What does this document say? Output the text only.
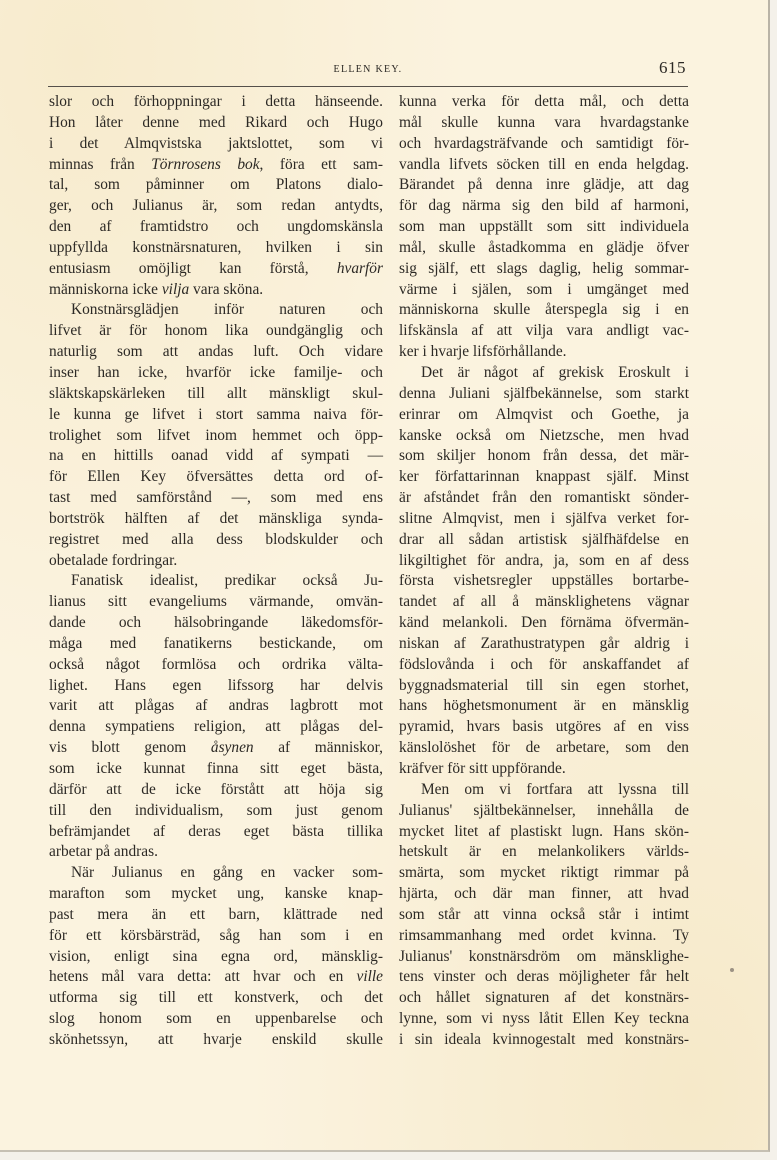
ELLEN KEY.	615
slor och förhoppningar i detta hänseende.
Hon låter denne med Rikard och Hugo
i det Almqvistska jaktslottet, som vi
minnas från Törnrosens bok, föra ett sam-
tal, som påminner om Platons dialo-
ger, och Julianus är, som redan antydts,
den af framtidstro och ungdomskänsla
uppfyllda konstnärsnaturen, hvilken i sin
entusiasm omöjligt kan förstå, hvarför
människorna icke vilja vara sköna.
Konstnärsglädjen inför naturen och
lifvet är för honom lika oundgänglig och
naturlig som att andas luft. Och vidare
inser han icke, hvarför icke familje- och
släktskapskärleken till allt mänskligt skul-
le kunna ge lifvet i stort samma naiva för-
trolighet som lifvet inom hemmet och öpp-
na en hittills oanad vidd af sympati —
för Ellen Key öfversättes detta ord of-
tast med samförstånd —, som med ens
bortströk hälften af det mänskliga synda-
registret med alla dess blodskulder och
obetalade fordringar.
Fanatisk idealist, predikar också Ju-
lianus sitt evangeliums värmande, omvän-
dande och hälsobringande läkedomsför-
måga med fanatikerns bestickande, om
också något formlösa och ordrika välta-
lighet. Hans egen lifssorg har delvis
varit att plågas af andras lagbrott mot
denna sympatiens religion, att plågas del-
vis blott genom åsynen af människor,
som icke kunnat finna sitt eget bästa,
därför att de icke förstått att höja sig
till den individualism, som just genom
befrämjandet af deras eget bästa tillika
arbetar på andras.
När Julianus en gång en vacker som-
marafton som mycket ung, kanske knap-
past mera än ett barn, klättrade ned
för ett körsbärsträd, såg han som i en
vision, enligt sina egna ord, mänsklig-
hetens mål vara detta: att hvar och en ville
utforma sig till ett konstverk, och det
slog honom som en uppenbarelse och
skönhetssyn, att hvarje enskild skulle
kunna verka för detta mål, och detta
mål skulle kunna vara hvardagstanke
och hvardagsträfvande och samtidigt för-
vandla lifvets söcken till en enda helgdag.
Bärandet på denna inre glädje, att dag
för dag närma sig den bild af harmoni,
som man uppställt som sitt individuela
mål, skulle åstadkomma en glädje öfver
sig själf, ett slags daglig, helig sommar-
värme i själen, som i umgänget med
människorna skulle återspegla sig i en
lifskänsla af att vilja vara andligt vac-
ker i hvarje lifsförhållande.
Det är något af grekisk Eroskult i
denna Juliani själfbekännelse, som starkt
erinrar om Almqvist och Goethe, ja
kanske också om Nietzsche, men hvad
som skiljer honom från dessa, det mär-
ker författarinnan knappast själf. Minst
är afståndet från den romantiskt sönder-
slitne Almqvist, men i själfva verket for-
drar all sådan artistisk själfhäfdelse en
likgiltighet för andra, ja, som en af dess
första vishetsregler uppställes bortarbe-
tandet af all å mänsklighetens vägnar
känd melankoli. Den förnäma öfvermän-
niskan af Zarathustratypen går aldrig i
födslovånda i och för anskaffandet af
byggnadsmaterial till sin egen storhet,
hans höghetsmonument är en mänsklig
pyramid, hvars basis utgöres af en viss
känslolöshet för de arbetare, som den
kräfver för sitt uppförande.
Men om vi fortfara att lyssna till
Julianus' själtbekännelser, innehålla de
mycket litet af plastiskt lugn. Hans skön-
hetskult är en melankolikers världs-
smärta, som mycket riktigt rimmar på
hjärta, och där man finner, att hvad
som står att vinna också står i intimt
rimsammanhang med ordet kvinna. Ty
Julianus' konstnärsdröm om mänsklighe-
tens vinster och deras möjligheter får helt
och hållet signaturen af det konstnärs-
lynne, som vi nyss låtit Ellen Key teckna
i sin ideala kvinnogestalt med konstnärs-
